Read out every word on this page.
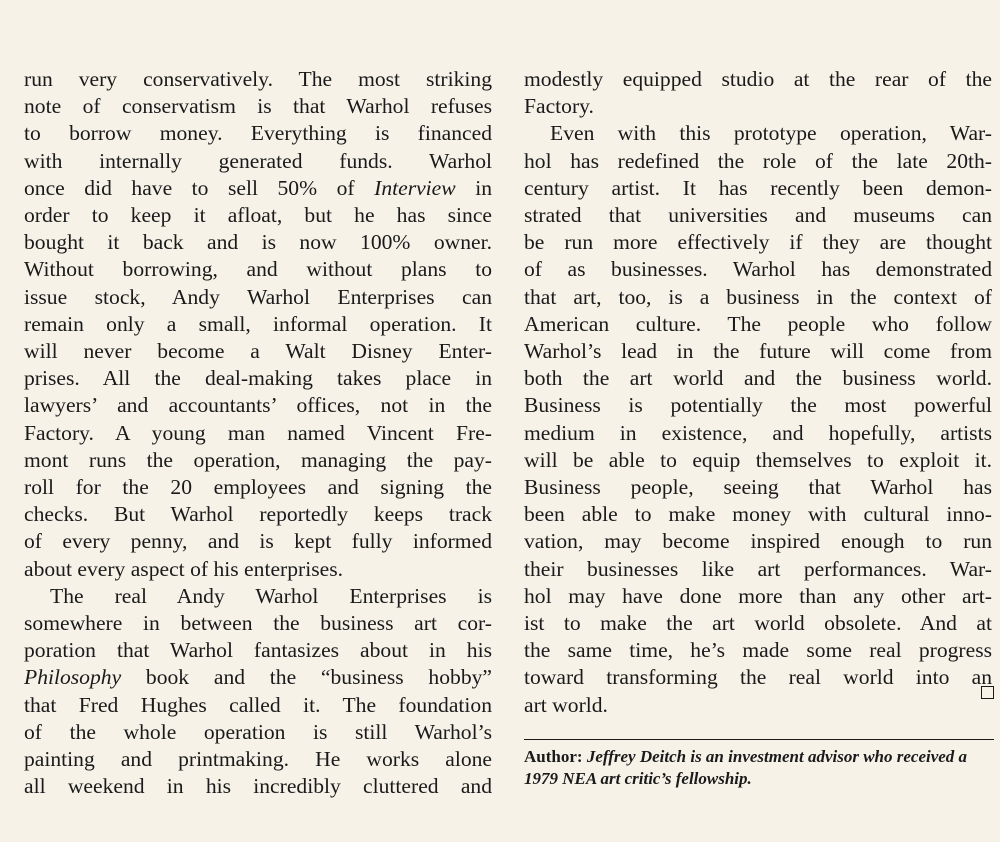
run very conservatively. The most striking
note of conservatism is that Warhol refuses
to borrow money. Everything is financed
with internally generated funds. Warhol
once did have to sell 50% of Interview in
order to keep it afloat, but he has since
bought it back and is now 100% owner.
Without borrowing, and without plans to
issue stock, Andy Warhol Enterprises can
remain only a small, informal operation. It
will never become a Walt Disney Enter-
prises. All the deal-making takes place in
lawyers’ and accountants’ offices, not in the
Factory. A young man named Vincent Fre-
mont runs the operation, managing the pay-
roll for the 20 employees and signing the
checks. But Warhol reportedly keeps track
of every penny, and is kept fully informed
about every aspect of his enterprises.
The real Andy Warhol Enterprises is
somewhere in between the business art cor-
poration that Warhol fantasizes about in his
Philosophy book and the “business hobby”
that Fred Hughes called it. The foundation
of the whole operation is still Warhol’s
painting and printmaking. He works alone
all weekend in his incredibly cluttered and
modestly equipped studio at the rear of the
Factory.
Even with this prototype operation, War-
hol has redefined the role of the late 20th-
century artist. It has recently been demon-
strated that universities and museums can
be run more effectively if they are thought
of as businesses. Warhol has demonstrated
that art, too, is a business in the context of
American culture. The people who follow
Warhol’s lead in the future will come from
both the art world and the business world.
Business is potentially the most powerful
medium in existence, and hopefully, artists
will be able to equip themselves to exploit it.
Business people, seeing that Warhol has
been able to make money with cultural inno-
vation, may become inspired enough to run
their businesses like art performances. War-
hol may have done more than any other art-
ist to make the art world obsolete. And at
the same time, he’s made some real progress
toward transforming the real world into an
art world.
Author: Jeffrey Deitch is an investment advisor who received a 1979 NEA art critic’s fellowship.
